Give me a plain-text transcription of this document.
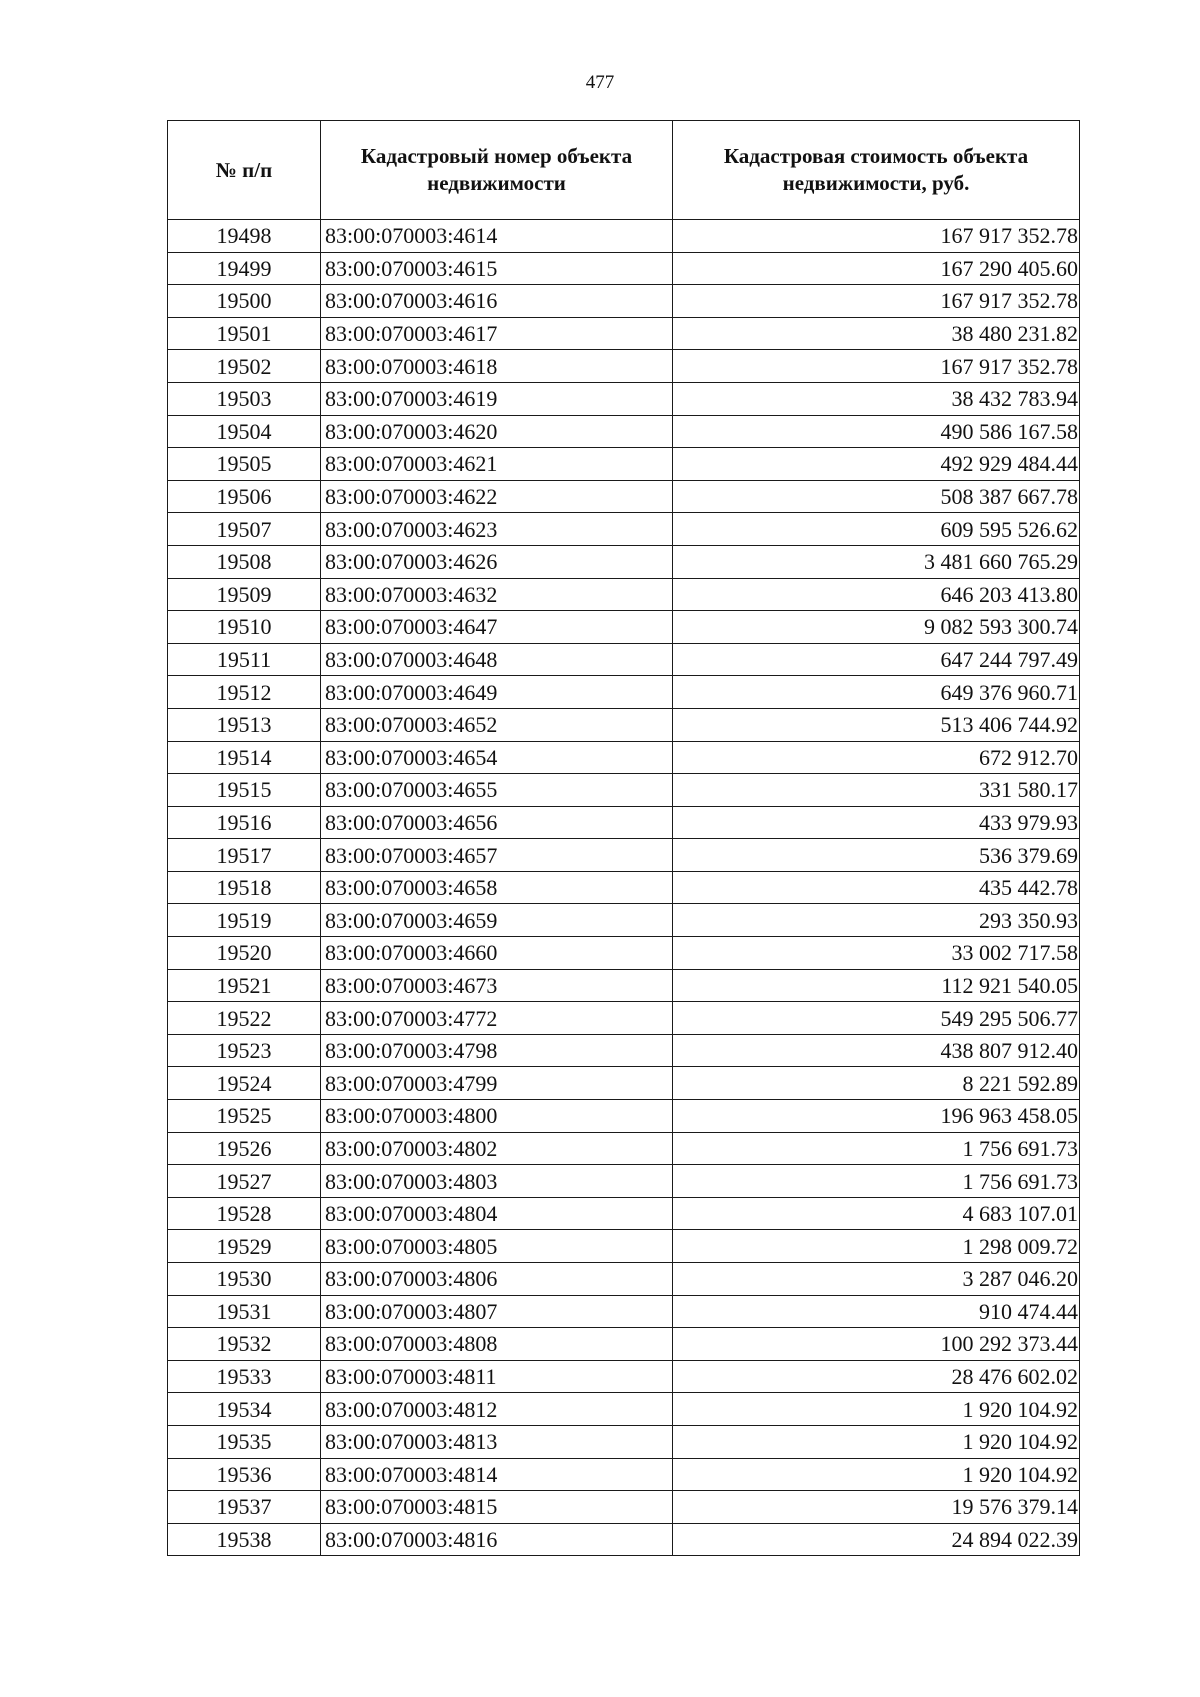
477
№ п/п	Кадастровый номер объекта недвижимости	Кадастровая стоимость объекта недвижимости, руб.
19498	83:00:070003:4614	167 917 352.78
19499	83:00:070003:4615	167 290 405.60
19500	83:00:070003:4616	167 917 352.78
19501	83:00:070003:4617	38 480 231.82
19502	83:00:070003:4618	167 917 352.78
19503	83:00:070003:4619	38 432 783.94
19504	83:00:070003:4620	490 586 167.58
19505	83:00:070003:4621	492 929 484.44
19506	83:00:070003:4622	508 387 667.78
19507	83:00:070003:4623	609 595 526.62
19508	83:00:070003:4626	3 481 660 765.29
19509	83:00:070003:4632	646 203 413.80
19510	83:00:070003:4647	9 082 593 300.74
19511	83:00:070003:4648	647 244 797.49
19512	83:00:070003:4649	649 376 960.71
19513	83:00:070003:4652	513 406 744.92
19514	83:00:070003:4654	672 912.70
19515	83:00:070003:4655	331 580.17
19516	83:00:070003:4656	433 979.93
19517	83:00:070003:4657	536 379.69
19518	83:00:070003:4658	435 442.78
19519	83:00:070003:4659	293 350.93
19520	83:00:070003:4660	33 002 717.58
19521	83:00:070003:4673	112 921 540.05
19522	83:00:070003:4772	549 295 506.77
19523	83:00:070003:4798	438 807 912.40
19524	83:00:070003:4799	8 221 592.89
19525	83:00:070003:4800	196 963 458.05
19526	83:00:070003:4802	1 756 691.73
19527	83:00:070003:4803	1 756 691.73
19528	83:00:070003:4804	4 683 107.01
19529	83:00:070003:4805	1 298 009.72
19530	83:00:070003:4806	3 287 046.20
19531	83:00:070003:4807	910 474.44
19532	83:00:070003:4808	100 292 373.44
19533	83:00:070003:4811	28 476 602.02
19534	83:00:070003:4812	1 920 104.92
19535	83:00:070003:4813	1 920 104.92
19536	83:00:070003:4814	1 920 104.92
19537	83:00:070003:4815	19 576 379.14
19538	83:00:070003:4816	24 894 022.39
